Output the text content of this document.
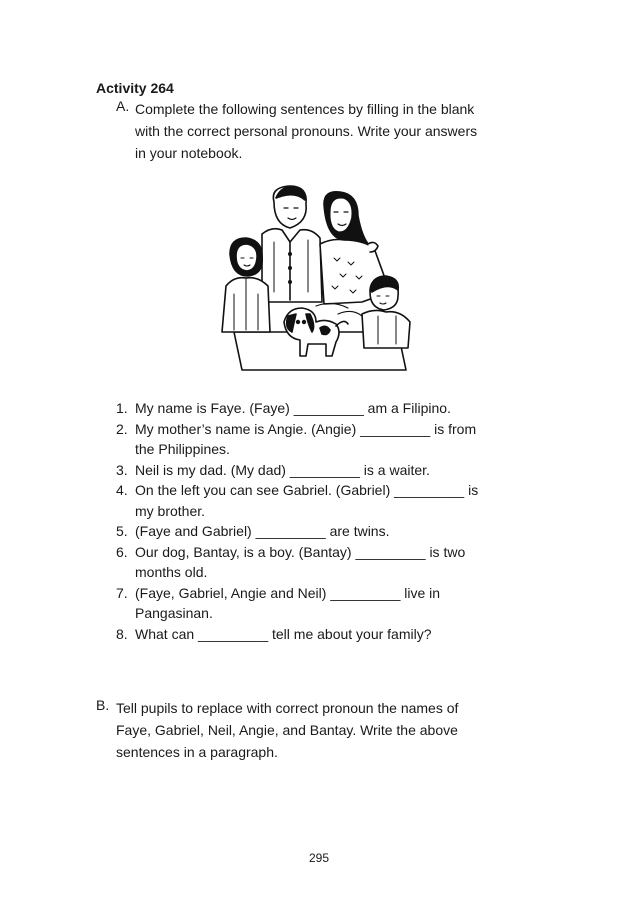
Activity 264
A. Complete the following sentences by filling in the blank
with the correct personal pronouns. Write your answers
in your notebook.
1. My name is Faye. (Faye) _________ am a Filipino.
2. My mother’s name is Angie. (Angie) _________ is from
the Philippines.
3. Neil is my dad. (My dad) _________ is a waiter.
4. On the left you can see Gabriel. (Gabriel) _________ is
my brother.
5. (Faye and Gabriel) _________ are twins.
6. Our dog, Bantay, is a boy. (Bantay) _________ is two
months old.
7. (Faye, Gabriel, Angie and Neil) _________ live in
Pangasinan.
8. What can _________ tell me about your family?
B. Tell pupils to replace with correct pronoun the names of
Faye, Gabriel, Neil, Angie, and Bantay. Write the above
sentences in a paragraph.
295
